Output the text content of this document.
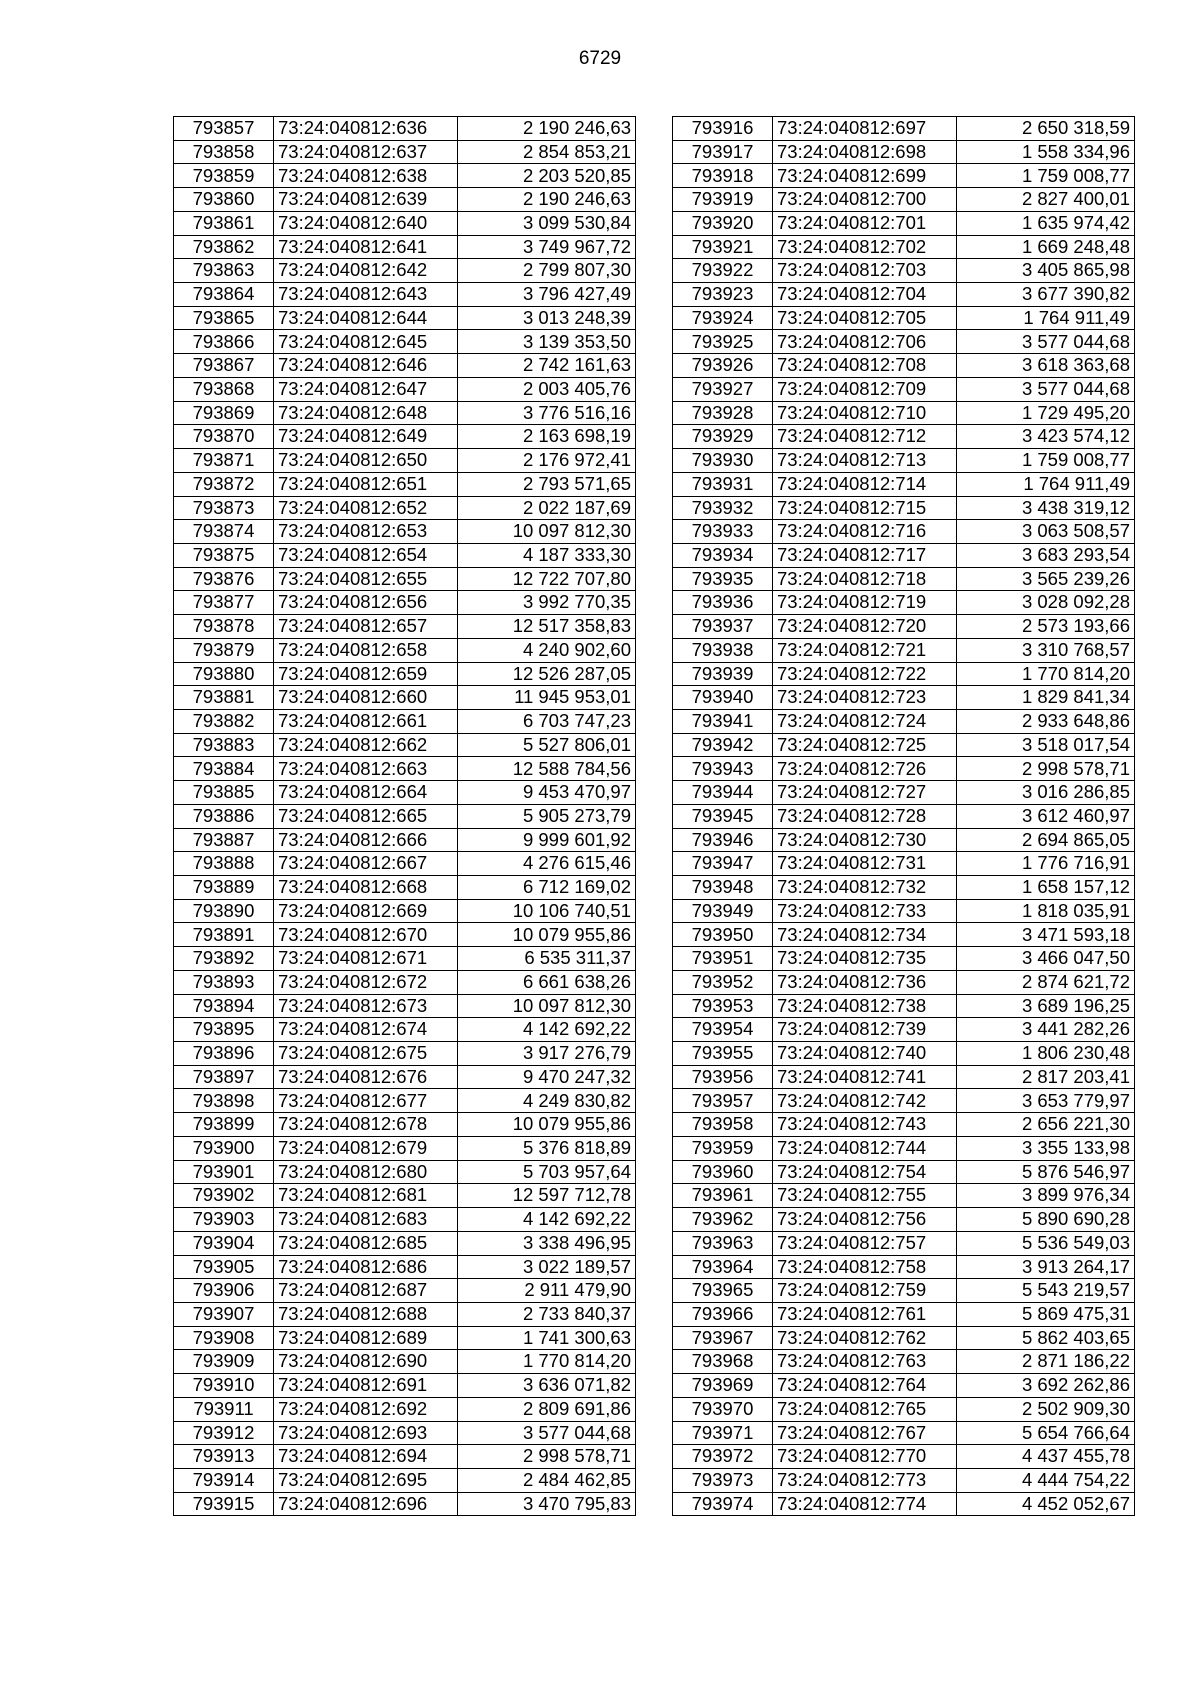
6729
793857	73:24:040812:636	2 190 246,63
793858	73:24:040812:637	2 854 853,21
793859	73:24:040812:638	2 203 520,85
793860	73:24:040812:639	2 190 246,63
793861	73:24:040812:640	3 099 530,84
793862	73:24:040812:641	3 749 967,72
793863	73:24:040812:642	2 799 807,30
793864	73:24:040812:643	3 796 427,49
793865	73:24:040812:644	3 013 248,39
793866	73:24:040812:645	3 139 353,50
793867	73:24:040812:646	2 742 161,63
793868	73:24:040812:647	2 003 405,76
793869	73:24:040812:648	3 776 516,16
793870	73:24:040812:649	2 163 698,19
793871	73:24:040812:650	2 176 972,41
793872	73:24:040812:651	2 793 571,65
793873	73:24:040812:652	2 022 187,69
793874	73:24:040812:653	10 097 812,30
793875	73:24:040812:654	4 187 333,30
793876	73:24:040812:655	12 722 707,80
793877	73:24:040812:656	3 992 770,35
793878	73:24:040812:657	12 517 358,83
793879	73:24:040812:658	4 240 902,60
793880	73:24:040812:659	12 526 287,05
793881	73:24:040812:660	11 945 953,01
793882	73:24:040812:661	6 703 747,23
793883	73:24:040812:662	5 527 806,01
793884	73:24:040812:663	12 588 784,56
793885	73:24:040812:664	9 453 470,97
793886	73:24:040812:665	5 905 273,79
793887	73:24:040812:666	9 999 601,92
793888	73:24:040812:667	4 276 615,46
793889	73:24:040812:668	6 712 169,02
793890	73:24:040812:669	10 106 740,51
793891	73:24:040812:670	10 079 955,86
793892	73:24:040812:671	6 535 311,37
793893	73:24:040812:672	6 661 638,26
793894	73:24:040812:673	10 097 812,30
793895	73:24:040812:674	4 142 692,22
793896	73:24:040812:675	3 917 276,79
793897	73:24:040812:676	9 470 247,32
793898	73:24:040812:677	4 249 830,82
793899	73:24:040812:678	10 079 955,86
793900	73:24:040812:679	5 376 818,89
793901	73:24:040812:680	5 703 957,64
793902	73:24:040812:681	12 597 712,78
793903	73:24:040812:683	4 142 692,22
793904	73:24:040812:685	3 338 496,95
793905	73:24:040812:686	3 022 189,57
793906	73:24:040812:687	2 911 479,90
793907	73:24:040812:688	2 733 840,37
793908	73:24:040812:689	1 741 300,63
793909	73:24:040812:690	1 770 814,20
793910	73:24:040812:691	3 636 071,82
793911	73:24:040812:692	2 809 691,86
793912	73:24:040812:693	3 577 044,68
793913	73:24:040812:694	2 998 578,71
793914	73:24:040812:695	2 484 462,85
793915	73:24:040812:696	3 470 795,83
793916	73:24:040812:697	2 650 318,59
793917	73:24:040812:698	1 558 334,96
793918	73:24:040812:699	1 759 008,77
793919	73:24:040812:700	2 827 400,01
793920	73:24:040812:701	1 635 974,42
793921	73:24:040812:702	1 669 248,48
793922	73:24:040812:703	3 405 865,98
793923	73:24:040812:704	3 677 390,82
793924	73:24:040812:705	1 764 911,49
793925	73:24:040812:706	3 577 044,68
793926	73:24:040812:708	3 618 363,68
793927	73:24:040812:709	3 577 044,68
793928	73:24:040812:710	1 729 495,20
793929	73:24:040812:712	3 423 574,12
793930	73:24:040812:713	1 759 008,77
793931	73:24:040812:714	1 764 911,49
793932	73:24:040812:715	3 438 319,12
793933	73:24:040812:716	3 063 508,57
793934	73:24:040812:717	3 683 293,54
793935	73:24:040812:718	3 565 239,26
793936	73:24:040812:719	3 028 092,28
793937	73:24:040812:720	2 573 193,66
793938	73:24:040812:721	3 310 768,57
793939	73:24:040812:722	1 770 814,20
793940	73:24:040812:723	1 829 841,34
793941	73:24:040812:724	2 933 648,86
793942	73:24:040812:725	3 518 017,54
793943	73:24:040812:726	2 998 578,71
793944	73:24:040812:727	3 016 286,85
793945	73:24:040812:728	3 612 460,97
793946	73:24:040812:730	2 694 865,05
793947	73:24:040812:731	1 776 716,91
793948	73:24:040812:732	1 658 157,12
793949	73:24:040812:733	1 818 035,91
793950	73:24:040812:734	3 471 593,18
793951	73:24:040812:735	3 466 047,50
793952	73:24:040812:736	2 874 621,72
793953	73:24:040812:738	3 689 196,25
793954	73:24:040812:739	3 441 282,26
793955	73:24:040812:740	1 806 230,48
793956	73:24:040812:741	2 817 203,41
793957	73:24:040812:742	3 653 779,97
793958	73:24:040812:743	2 656 221,30
793959	73:24:040812:744	3 355 133,98
793960	73:24:040812:754	5 876 546,97
793961	73:24:040812:755	3 899 976,34
793962	73:24:040812:756	5 890 690,28
793963	73:24:040812:757	5 536 549,03
793964	73:24:040812:758	3 913 264,17
793965	73:24:040812:759	5 543 219,57
793966	73:24:040812:761	5 869 475,31
793967	73:24:040812:762	5 862 403,65
793968	73:24:040812:763	2 871 186,22
793969	73:24:040812:764	3 692 262,86
793970	73:24:040812:765	2 502 909,30
793971	73:24:040812:767	5 654 766,64
793972	73:24:040812:770	4 437 455,78
793973	73:24:040812:773	4 444 754,22
793974	73:24:040812:774	4 452 052,67
